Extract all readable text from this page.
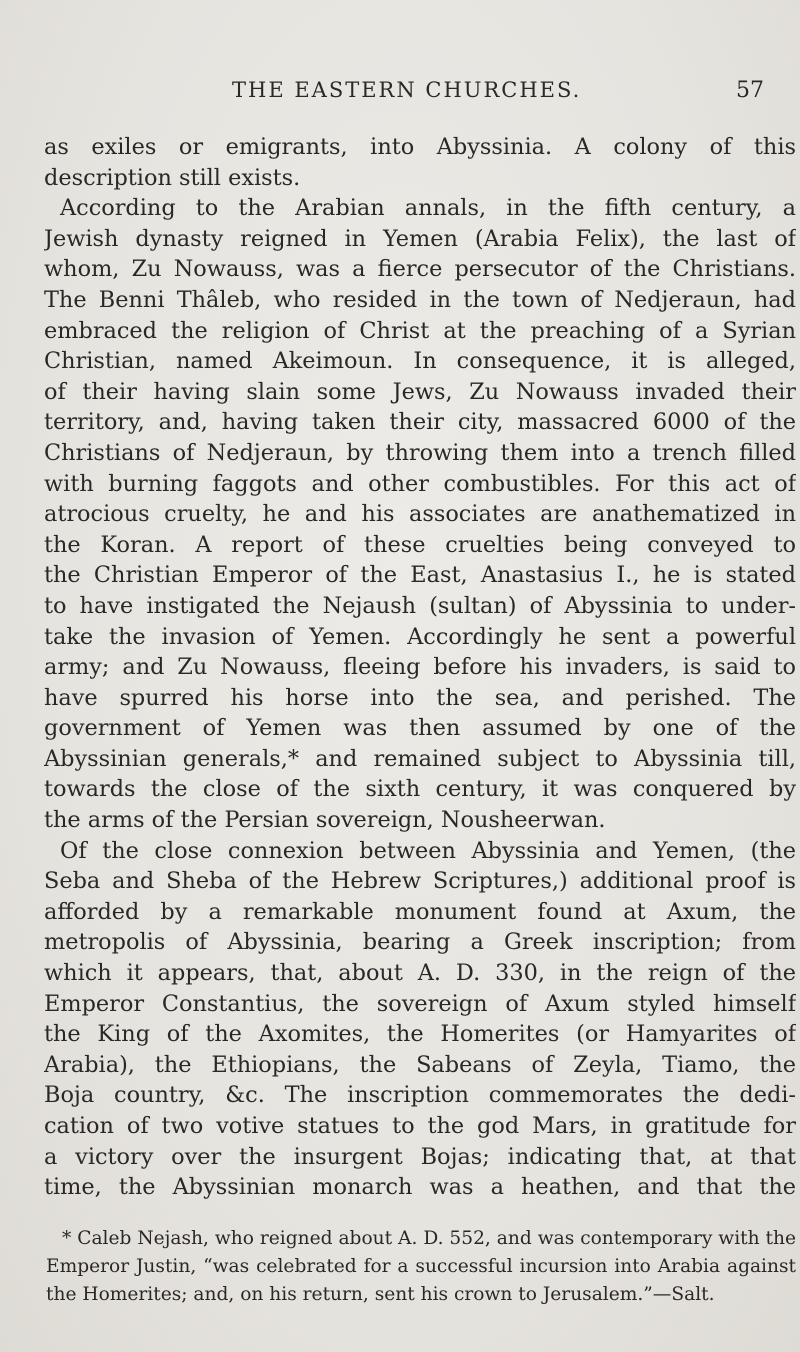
THE EASTERN CHURCHES.	57
as exiles or emigrants, into Abyssinia. A colony of this
description still exists.
According to the Arabian annals, in the fifth century, a
Jewish dynasty reigned in Yemen (Arabia Felix), the last of
whom, Zu Nowauss, was a fierce persecutor of the Christians.
The Benni Thâleb, who resided in the town of Nedjeraun, had
embraced the religion of Christ at the preaching of a Syrian
Christian, named Akeimoun. In consequence, it is alleged,
of their having slain some Jews, Zu Nowauss invaded their
territory, and, having taken their city, massacred 6000 of the
Christians of Nedjeraun, by throwing them into a trench filled
with burning faggots and other combustibles. For this act of
atrocious cruelty, he and his associates are anathematized in
the Koran. A report of these cruelties being conveyed to
the Christian Emperor of the East, Anastasius I., he is stated
to have instigated the Nejaush (sultan) of Abyssinia to under-
take the invasion of Yemen. Accordingly he sent a powerful
army; and Zu Nowauss, fleeing before his invaders, is said to
have spurred his horse into the sea, and perished. The
government of Yemen was then assumed by one of the
Abyssinian generals,* and remained subject to Abyssinia till,
towards the close of the sixth century, it was conquered by
the arms of the Persian sovereign, Nousheerwan.
Of the close connexion between Abyssinia and Yemen, (the
Seba and Sheba of the Hebrew Scriptures,) additional proof is
afforded by a remarkable monument found at Axum, the
metropolis of Abyssinia, bearing a Greek inscription; from
which it appears, that, about A. D. 330, in the reign of the
Emperor Constantius, the sovereign of Axum styled himself
the King of the Axomites, the Homerites (or Hamyarites of
Arabia), the Ethiopians, the Sabeans of Zeyla, Tiamo, the
Boja country, &c. The inscription commemorates the dedi-
cation of two votive statues to the god Mars, in gratitude for
a victory over the insurgent Bojas; indicating that, at that
time, the Abyssinian monarch was a heathen, and that the
* Caleb Nejash, who reigned about A. D. 552, and was contemporary with the
Emperor Justin, “was celebrated for a successful incursion into Arabia against
the Homerites; and, on his return, sent his crown to Jerusalem.”—Salt.
